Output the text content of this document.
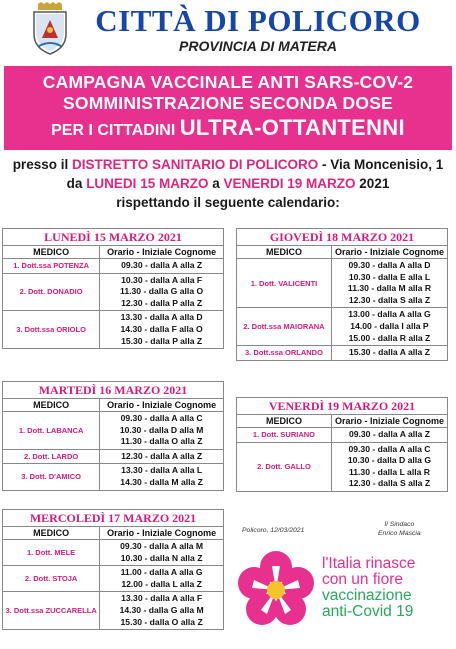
CITTÀ DI POLICORO
PROVINCIA DI MATERA
CAMPAGNA VACCINALE ANTI SARS-COV-2
SOMMINISTRAZIONE SECONDA DOSE
PER I CITTADINI ULTRA-OTTANTENNI
presso il DISTRETTO SANITARIO DI POLICORO - Via Moncenisio, 1
da LUNEDI 15 MARZO a VENERDI 19 MARZO 2021
rispettando il seguente calendario:
LUNEDÌ 15 MARZO 2021
MEDICO	Orario - Iniziale Cognome
1. Dott.ssa POTENZA	09.30 - dalla A alla Z

2. Dott. DONADIO	10.30 - dalla A alla F
11.30 - dalla G alla O
12.30 - dalla P alla Z

3. Dott.ssa ORIOLO	13.30 - dalla A alla D
14.30 - dalla F alla O
15.30 - dalla P alla Z
MARTEDÌ 16 MARZO 2021
MEDICO	Orario - Iniziale Cognome
1. Dott. LABANCA	09.30 - dalla A alla C
10.30 - dalla D alla M
11.30 - dalla O alla Z

2. Dott. LARDO	12.30 - dalla A alla Z

3. Dott. D'AMICO	13.30 - dalla A alla L
14.30 - dalla M alla Z
MERCOLEDÌ 17 MARZO 2021
MEDICO	Orario - Iniziale Cognome
1. Dott. MELE	09.30 - dalla A alla M
10.30 - dalla N alla Z

2. Dott. STOJA	11.00 - dalla A alla G
12.00 - dalla L alla Z

3. Dott.ssa ZUCCARELLA	13.30 - dalla A alla F
14.30 - dalla G alla M
15.30 - dalla O alla Z
GIOVEDÌ 18 MARZO 2021
MEDICO	Orario - Iniziale Cognome
1. Dott. VALICENTI	09.30 - dalla A alla D
10.30 - dalla E alla L
11.30 - dalla M alla R
12.30 - dalla S alla Z

2. Dott.ssa MAIORANA	13.00 - dalla A alla G
14.00 - dalla I alla P
15.00 - dalla R alla Z

3. Dott.ssa ORLANDO	15.30 - dalla A alla Z
VENERDÌ 19 MARZO 2021
MEDICO	Orario - Iniziale Cognome
1. Dott. SURIANO	09.30 - dalla A alla Z

2. Dott. GALLO	09.30 - dalla A alla C
10.30 - dalla D alla G
11.30 - dalla L alla R
12.30 - dalla S alla Z
Policoro, 12/03/2021
Il Sindaco
Enrico Mascia
l'Italia rinasce
con un fiore
vaccinazione
anti-Covid 19
